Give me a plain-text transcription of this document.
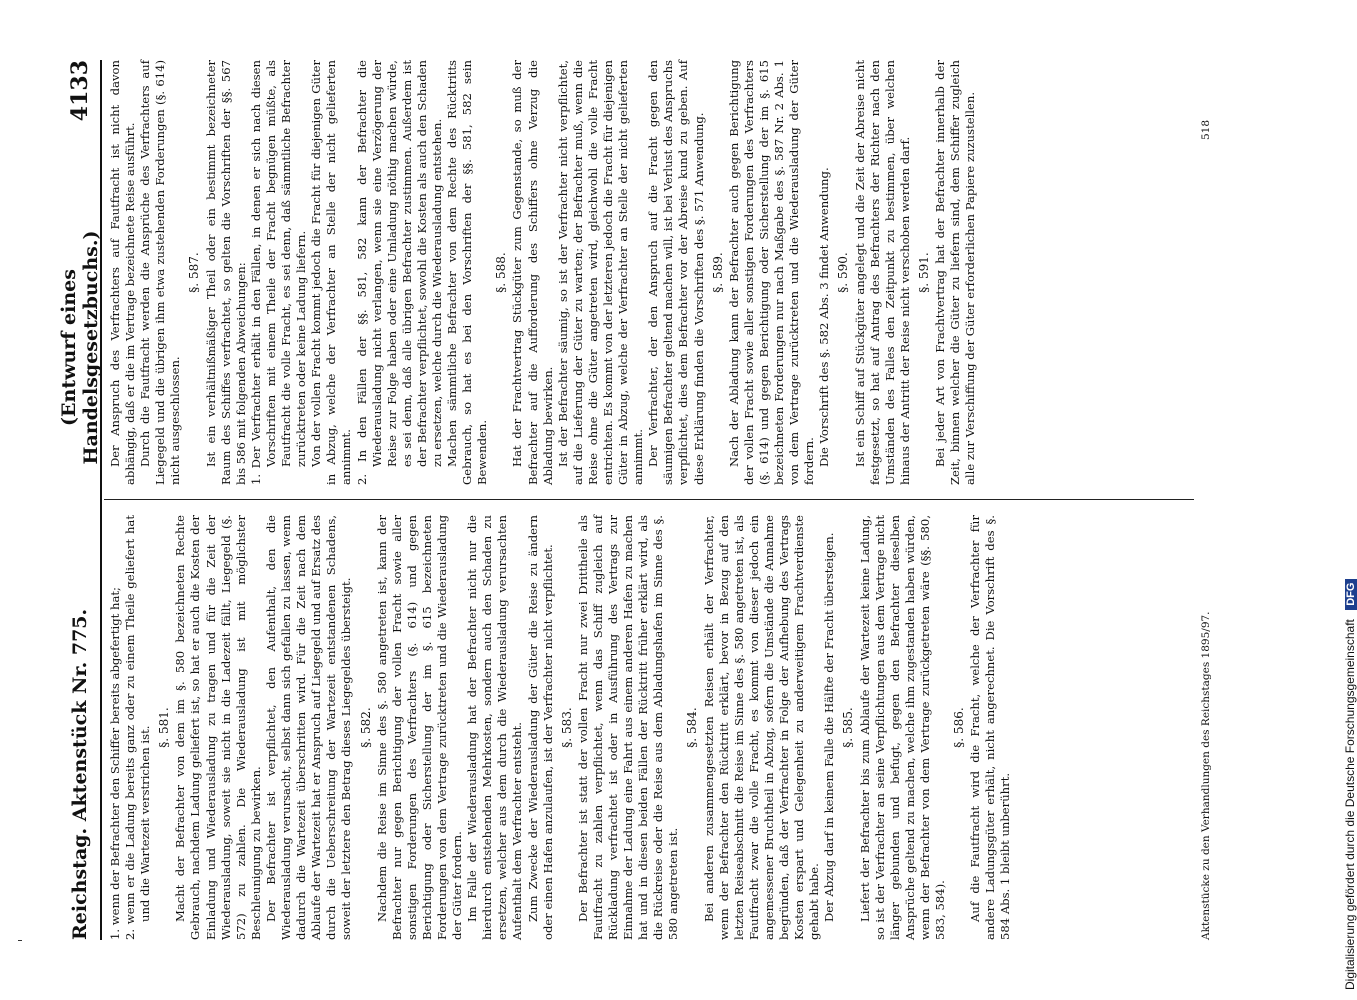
Reichstag. Aktenstück Nr. 775.
(Entwurf eines Handelsgesetzbuchs.)
4133

1. wenn der Befrachter den Schiffer bereits abgefertigt hat; 2. wenn er die Ladung bereits ganz oder zu einem Theile geliefert hat und die Wartezeit verstrichen ist. §. 581. Macht der Befrachter von dem im §. 580 bezeichneten Rechte Gebrauch, nachdem Ladung geliefert ist, so hat er auch die Kosten der Einladung und Wiederausladung zu tragen und für die Zeit der Wiederausladung, soweit sie nicht in die Ladezeit fällt, Liegegeld (§. 572) zu zahlen. Die Wiederausladung ist mit möglichster Beschleunigung zu bewirken. Der Befrachter ist verpflichtet, den Aufenthalt, den die Wiederausladung verursacht, selbst dann sich gefallen zu lassen, wenn dadurch die Wartezeit überschritten wird. Für die Zeit nach dem Ablaufe der Wartezeit hat er Anspruch auf Liegegeld und auf Ersatz des durch die Ueberschreitung der Wartezeit entstandenen Schadens, soweit der letztere den Betrag dieses Liegegeldes übersteigt. §. 582. Nachdem die Reise im Sinne des §. 580 angetreten ist, kann der Befrachter nur gegen Berichtigung der vollen Fracht sowie aller sonstigen Forderungen des Verfrachters (§. 614) und gegen Berichtigung oder Sicherstellung der im §. 615 bezeichneten Forderungen von dem Vertrage zurücktreten und die Wiederausladung der Güter fordern. Im Falle der Wiederausladung hat der Befrachter nicht nur die hierdurch entstehenden Mehrkosten, sondern auch den Schaden zu ersetzen, welcher aus dem durch die Wiederausladung verursachten Aufenthalt dem Verfrachter entsteht. Zum Zwecke der Wiederausladung der Güter die Reise zu ändern oder einen Hafen anzulaufen, ist der Verfrachter nicht verpflichtet. §. 583. Der Befrachter ist statt der vollen Fracht nur zwei Drittheile als Fautfracht zu zahlen verpflichtet, wenn das Schiff zugleich auf Rückladung verfrachtet ist oder in Ausführung des Vertrags zur Einnahme der Ladung eine Fahrt aus einem anderen Hafen zu machen hat und in diesen beiden Fällen der Rücktritt früher erklärt wird, als die Rückreise oder die Reise aus dem Abladungshafen im Sinne des §. 580 angetreten ist.

§. 584. Bei anderen zusammengesetzten Reisen erhält der Verfrachter, wenn der Befrachter den Rücktritt erklärt, bevor in Bezug auf den letzten Reiseabschnitt die Reise im Sinne des §. 580 angetreten ist, als Fautfracht zwar die volle Fracht, es kommt von dieser jedoch ein angemessener Bruchtheil in Abzug, sofern die Umstände die Annahme begründen, daß der Verfrachter in Folge der Aufhebung des Vertrags Kosten erspart und Gelegenheit zu anderweitigem Frachtverdienste gehabt habe. Der Abzug darf in keinem Falle die Hälfte der Fracht übersteigen. §. 585. Liefert der Befrachter bis zum Ablaufe der Wartezeit keine Ladung, so ist der Verfrachter an seine Verpflichtungen aus dem Vertrage nicht länger gebunden und befugt, gegen den Befrachter dieselben Ansprüche geltend zu machen, welche ihm zugestanden haben würden, wenn der Befrachter von dem Vertrage zurückgetreten wäre (§§. 580, 583, 584).

§. 586. Auf die Fautfracht wird die Fracht, welche der Verfrachter für andere Ladungsgüter erhält, nicht angerechnet. Die Vorschrift des §. 584 Abs. 1 bleibt unberührt.

Der Anspruch des Verfrachters auf Fautfracht ist nicht davon abhängig, daß er die im Vertrage bezeichnete Reise ausführt. Durch die Fautfracht werden die Ansprüche des Verfrachters auf Liegegeld und die übrigen ihm etwa zustehenden Forderungen (§. 614) nicht ausgeschlossen.

§. 587. Ist ein verhältnißmäßiger Theil oder ein bestimmt bezeichneter Raum des Schiffes verfrachtet, so gelten die Vorschriften der §§. 567 bis 586 mit folgenden Abweichungen: 1. Der Verfrachter erhält in den Fällen, in denen er sich nach diesen Vorschriften mit einem Theile der Fracht begnügen müßte, als Fautfracht die volle Fracht, es sei denn, daß sämmtliche Befrachter zurücktreten oder keine Ladung liefern. Von der vollen Fracht kommt jedoch die Fracht für diejenigen Güter in Abzug, welche der Verfrachter an Stelle der nicht gelieferten annimmt. 2. In den Fällen der §§. 581, 582 kann der Befrachter die Wiederausladung nicht verlangen, wenn sie eine Verzögerung der Reise zur Folge haben oder eine Umladung nöthig machen würde, es sei denn, daß alle übrigen Befrachter zustimmen. Außerdem ist der Befrachter verpflichtet, sowohl die Kosten als auch den Schaden zu ersetzen, welche durch die Wiederausladung entstehen. Machen sämmtliche Befrachter von dem Rechte des Rücktritts Gebrauch, so hat es bei den Vorschriften der §§. 581, 582 sein Bewenden.

§. 588. Hat der Frachtvertrag Stückgüter zum Gegenstande, so muß der Befrachter auf die Aufforderung des Schiffers ohne Verzug die Abladung bewirken. Ist der Befrachter säumig, so ist der Verfrachter nicht verpflichtet, auf die Lieferung der Güter zu warten; der Befrachter muß, wenn die Reise ohne die Güter angetreten wird, gleichwohl die volle Fracht entrichten. Es kommt von der letzteren jedoch die Fracht für diejenigen Güter in Abzug, welche der Verfrachter an Stelle der nicht gelieferten annimmt. Der Verfrachter, der den Anspruch auf die Fracht gegen den säumigen Befrachter geltend machen will, ist bei Verlust des Anspruchs verpflichtet, dies dem Befrachter vor der Abreise kund zu geben. Auf diese Erklärung finden die Vorschriften des §. 571 Anwendung. §. 589. Nach der Abladung kann der Befrachter auch gegen Berichtigung der vollen Fracht sowie aller sonstigen Forderungen des Verfrachters (§. 614) und gegen Berichtigung oder Sicherstellung der im §. 615 bezeichneten Forderungen nur nach Maßgabe des §. 587 Nr. 2 Abs. 1 von dem Vertrage zurücktreten und die Wiederausladung der Güter fordern. Die Vorschrift des §. 582 Abs. 3 findet Anwendung. §. 590. Ist ein Schiff auf Stückgüter angelegt und die Zeit der Abreise nicht festgesetzt, so hat auf Antrag des Befrachters der Richter nach den Umständen des Falles den Zeitpunkt zu bestimmen, über welchen hinaus der Antritt der Reise nicht verschoben werden darf. §. 591. Bei jeder Art von Frachtvertrag hat der Befrachter innerhalb der Zeit, binnen welcher die Güter zu liefern sind, dem Schiffer zugleich alle zur Verschiffung der Güter erforderlichen Papiere zuzustellen.

Aktenstücke zu den Verhandlungen des Reichstages 1895/97.
518
Digitalisierung gefördert durch die Deutsche Forschungsgemeinschaft DFG
